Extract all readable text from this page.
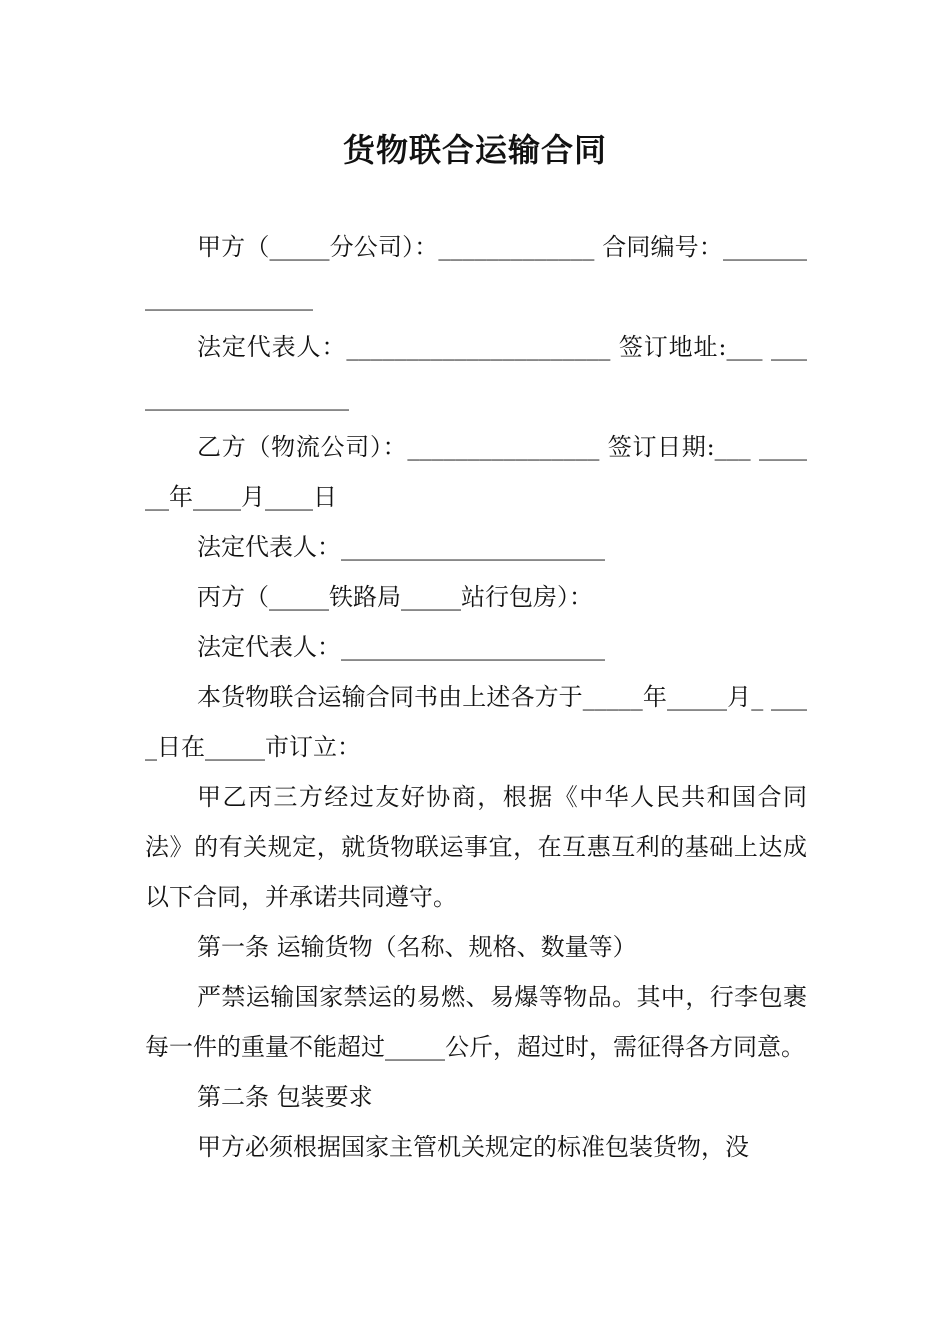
货物联合运输合同

甲方（_____分公司）：_____________ 合同编号：_____________________

法定代表人：______________________ 签订地址:___ ____________________

乙方（物流公司）：________________ 签订日期:___ ______年____月____日

法定代表人：______________________

丙方（_____铁路局_____站行包房）：

法定代表人：______________________

本货物联合运输合同书由上述各方于_____年_____月_ ____日在_____市订立：

甲乙丙三方经过友好协商，根据《中华人民共和国合同法》的有关规定，就货物联运事宜，在互惠互利的基础上达成以下合同，并承诺共同遵守。

第一条 运输货物（名称、规格、数量等）

严禁运输国家禁运的易燃、易爆等物品。其中，行李包裹每一件的重量不能超过_____公斤，超过时，需征得各方同意。

第二条 包装要求

甲方必须根据国家主管机关规定的标准包装货物，没
